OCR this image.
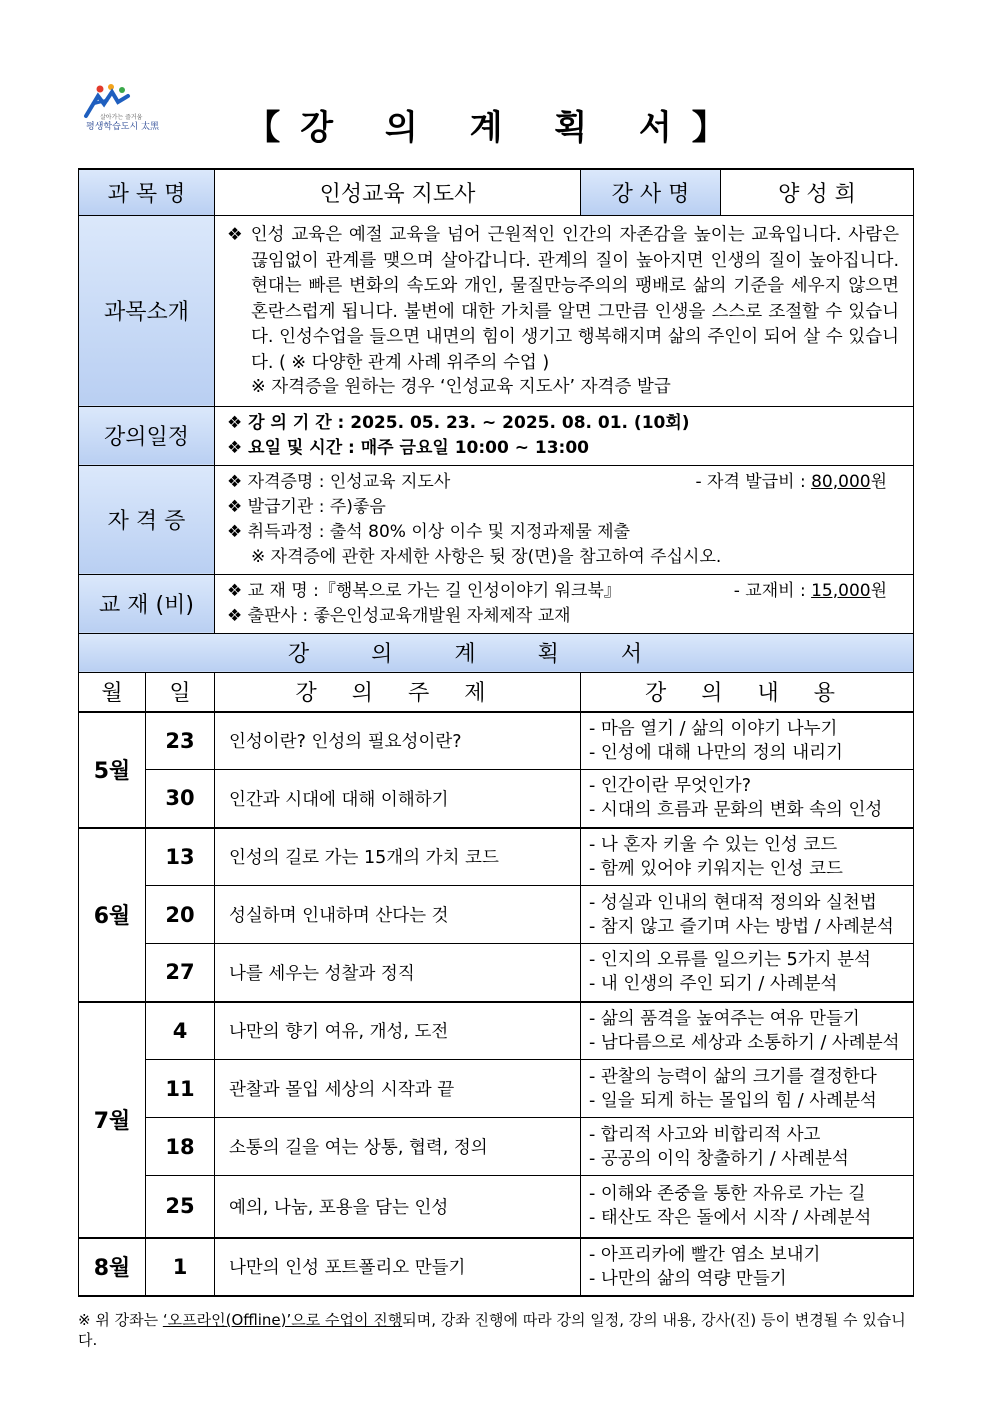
살아가는 즐거움
평생학습도시 太黑	【강 의 계 획 서】
과 목 명		인성교육 지도사	강 사 명	양 성 희
과목소개		❖ 인성 교육은 예절 교육을 넘어 근원적인 인간의 자존감을 높이는 교육입니다. 사람은 끊임없이 관계를 맺으며 살아갑니다. 관계의 질이 높아지면 인생의 질이 높아집니다. 현대는 빠른 변화의 속도와 개인, 물질만능주의의 팽배로 삶의 기준을 세우지 않으면 혼란스럽게 됩니다. 불변에 대한 가치를 알면 그만큼 인생을 스스로 조절할 수 있습니다. 인성수업을 들으면 내면의 힘이 생기고 행복해지며 삶의 주인이 되어 살 수 있습니다. ( ※ 다양한 관계 사례 위주의 수업 )
※ 자격증을 원하는 경우 ‘인성교육 지도사’ 자격증 발급		

강의일정		❖ 강 의 기 간 : 2025. 05. 23. ~ 2025. 08. 01. (10회)
❖ 요일 및 시간 : 매주 금요일 10:00 ~ 13:00		

자 격 증		❖ 자격증명 : 인성교육 지도사 - 자격 발급비 : 80,000원
❖ 발급기관 : 주)좋음
❖ 취득과정 : 출석 80% 이상 이수 및 지정과제물 제출
※ 자격증에 관한 자세한 사항은 뒷 장(면)을 참고하여 주십시오.		

교 재 (비)		❖ 교 재 명 :『행복으로 가는 길 인성이야기 워크북』 - 교재비 : 15,000원
❖ 출판사 : 좋은인성교육개발원 자체제작 교재		

강의계획서				
월	일	강 의 주 제	강 의 내 용	
5월	23	인성이란? 인성의 필요성이란?	- 마음 열기 / 삶의 이야기 나누기
- 인성에 대해 나만의 정의 내리기	

	30	인간과 시대에 대해 이해하기	- 인간이란 무엇인가?
- 시대의 흐름과 문화의 변화 속의 인성	

6월	13	인성의 길로 가는 15개의 가치 코드	- 나 혼자 키울 수 있는 인성 코드
- 함께 있어야 키워지는 인성 코드	

	20	성실하며 인내하며 산다는 것	- 성실과 인내의 현대적 정의와 실천법
- 참지 않고 즐기며 사는 방법 / 사례분석	

	27	나를 세우는 성찰과 정직	- 인지의 오류를 일으키는 5가지 분석
- 내 인생의 주인 되기 / 사례분석	

7월	4	나만의 향기 여유, 개성, 도전	- 삶의 품격을 높여주는 여유 만들기
- 남다름으로 세상과 소통하기 / 사례분석	

	11	관찰과 몰입 세상의 시작과 끝	- 관찰의 능력이 삶의 크기를 결정한다
- 일을 되게 하는 몰입의 힘 / 사례분석	

	18	소통의 길을 여는 상통, 협력, 정의	- 합리적 사고와 비합리적 사고
- 공공의 이익 창출하기 / 사례분석	

	25	예의, 나눔, 포용을 담는 인성	- 이해와 존중을 통한 자유로 가는 길
- 태산도 작은 돌에서 시작 / 사례분석	

8월	1	나만의 인성 포트폴리오 만들기	- 아프리카에 빨간 염소 보내기
- 나만의 삶의 역량 만들기	
※ 위 강좌는 ‘오프라인(Offline)’으로 수업이 진행되며, 강좌 진행에 따라 강의 일정, 강의 내용, 강사(진) 등이 변경될 수 있습니다.
